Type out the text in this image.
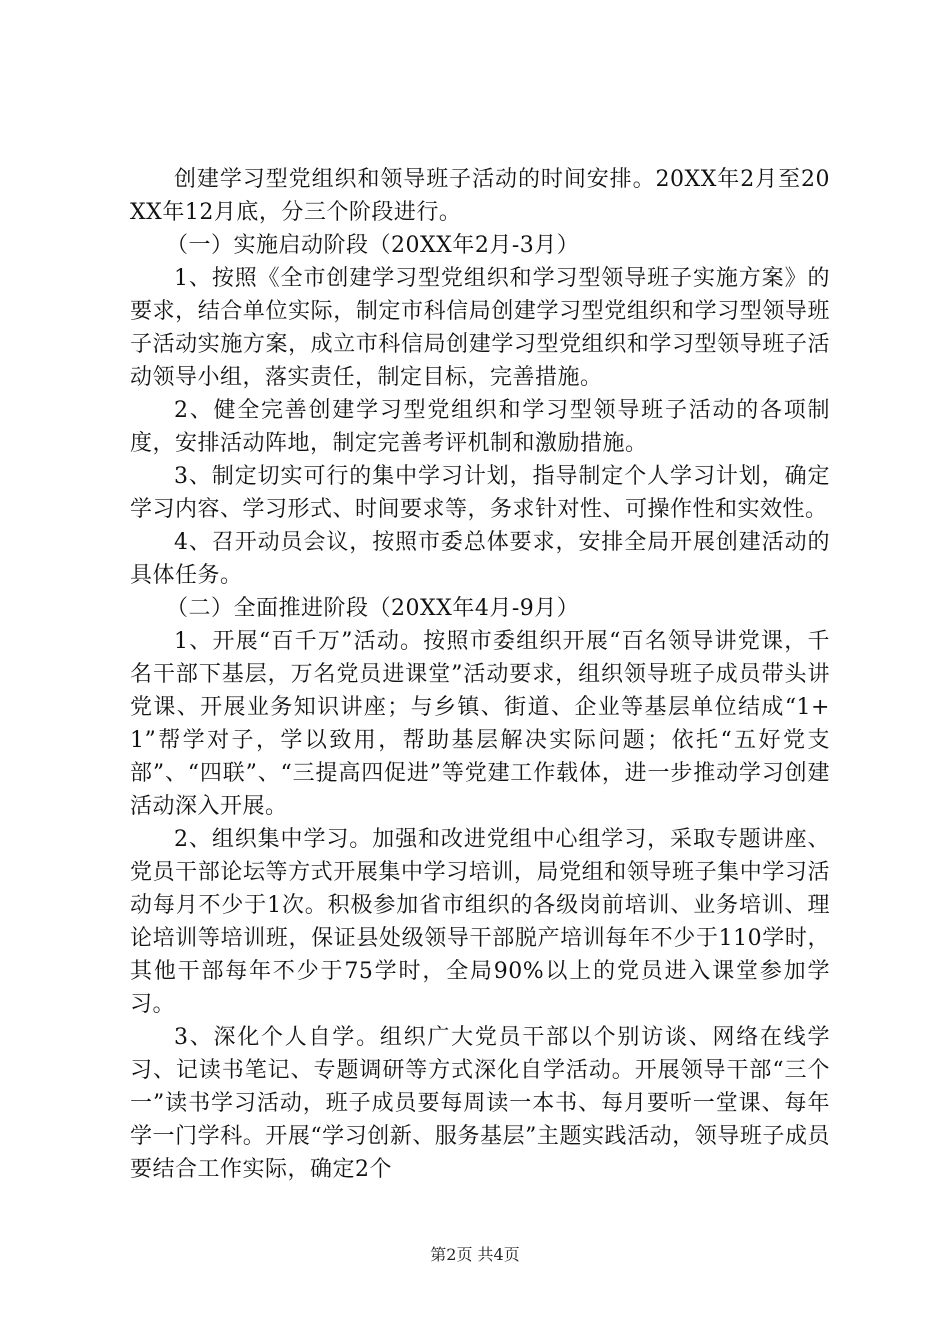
创建学习型党组织和领导班子活动的时间安排。20XX年2月至20XX年12月底，分三个阶段进行。

（一）实施启动阶段（20XX年2月-3月）

1、按照《全市创建学习型党组织和学习型领导班子实施方案》的要求，结合单位实际，制定市科信局创建学习型党组织和学习型领导班子活动实施方案，成立市科信局创建学习型党组织和学习型领导班子活动领导小组，落实责任，制定目标，完善措施。

2、健全完善创建学习型党组织和学习型领导班子活动的各项制度，安排活动阵地，制定完善考评机制和激励措施。

3、制定切实可行的集中学习计划，指导制定个人学习计划，确定学习内容、学习形式、时间要求等，务求针对性、可操作性和实效性。

4、召开动员会议，按照市委总体要求，安排全局开展创建活动的具体任务。

（二）全面推进阶段（20XX年4月-9月）

1、开展“百千万”活动。按照市委组织开展“百名领导讲党课，千名干部下基层，万名党员进课堂”活动要求，组织领导班子成员带头讲党课、开展业务知识讲座；与乡镇、街道、企业等基层单位结成“1+1”帮学对子，学以致用，帮助基层解决实际问题；依托“五好党支部”、“四联”、“三提高四促进”等党建工作载体，进一步推动学习创建活动深入开展。

2、组织集中学习。加强和改进党组中心组学习，采取专题讲座、党员干部论坛等方式开展集中学习培训，局党组和领导班子集中学习活动每月不少于1次。积极参加省市组织的各级岗前培训、业务培训、理论培训等培训班，保证县处级领导干部脱产培训每年不少于110学时，其他干部每年不少于75学时，全局90%以上的党员进入课堂参加学习。

3、深化个人自学。组织广大党员干部以个别访谈、网络在线学习、记读书笔记、专题调研等方式深化自学活动。开展领导干部“三个一”读书学习活动，班子成员要每周读一本书、每月要听一堂课、每年学一门学科。开展“学习创新、服务基层”主题实践活动，领导班子成员要结合工作实际，确定2个

第2页 共4页
